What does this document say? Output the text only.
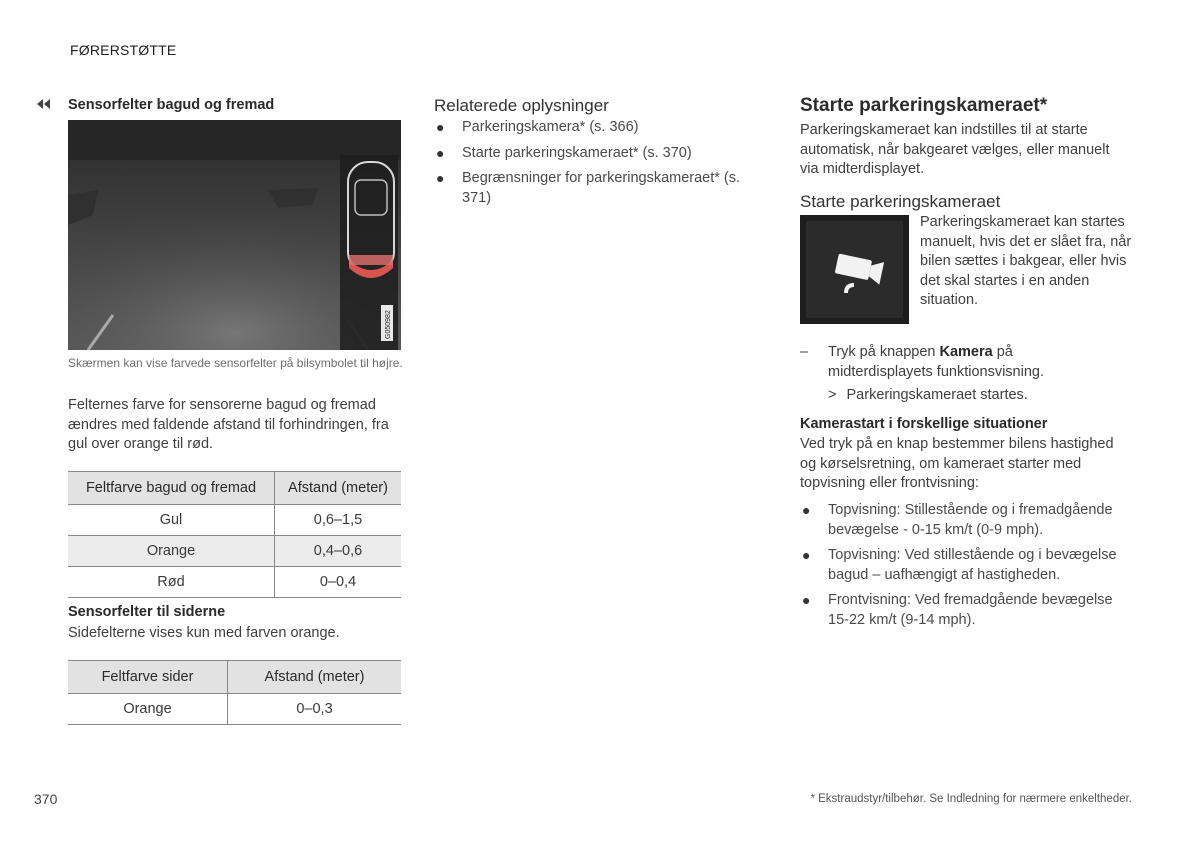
FØRERSTØTTE
Sensorfelter bagud og fremad
G050982
Skærmen kan vise farvede sensorfelter på bilsymbolet til højre.
Felternes farve for sensorerne bagud og fremad ændres med faldende afstand til forhindringen, fra gul over orange til rød.
Feltfarve bagud og fremad	Afstand (meter)
Gul	0,6–1,5
Orange	0,4–0,6
Rød	0–0,4
Sensorfelter til siderne
Sidefelterne vises kun med farven orange.
Feltfarve sider	Afstand (meter)
Orange	0–0,3
Relaterede oplysninger
● Parkeringskamera* (s. 366)
● Starte parkeringskameraet* (s. 370)
● Begrænsninger for parkeringskameraet* (s. 371)
Starte parkeringskameraet*
Parkeringskameraet kan indstilles til at starte automatisk, når bakgearet vælges, eller manuelt via midterdisplayet.
Starte parkeringskameraet
Parkeringskameraet kan startes manuelt, hvis det er slået fra, når bilen sættes i bakgear, eller hvis det skal startes i en anden situation.
– Tryk på knappen Kamera på midterdisplayets funktionsvisning.
> Parkeringskameraet startes.
Kamerastart i forskellige situationer
Ved tryk på en knap bestemmer bilens hastighed og kørselsretning, om kameraet starter med topvisning eller frontvisning:
● Topvisning: Stillestående og i fremadgående bevægelse - 0-15 km/t (0-9 mph).
● Topvisning: Ved stillestående og i bevægelse bagud – uafhængigt af hastigheden.
● Frontvisning: Ved fremadgående bevægelse 15-22 km/t (9-14 mph).
370	* Ekstraudstyr/tilbehør. Se Indledning for nærmere enkeltheder.
